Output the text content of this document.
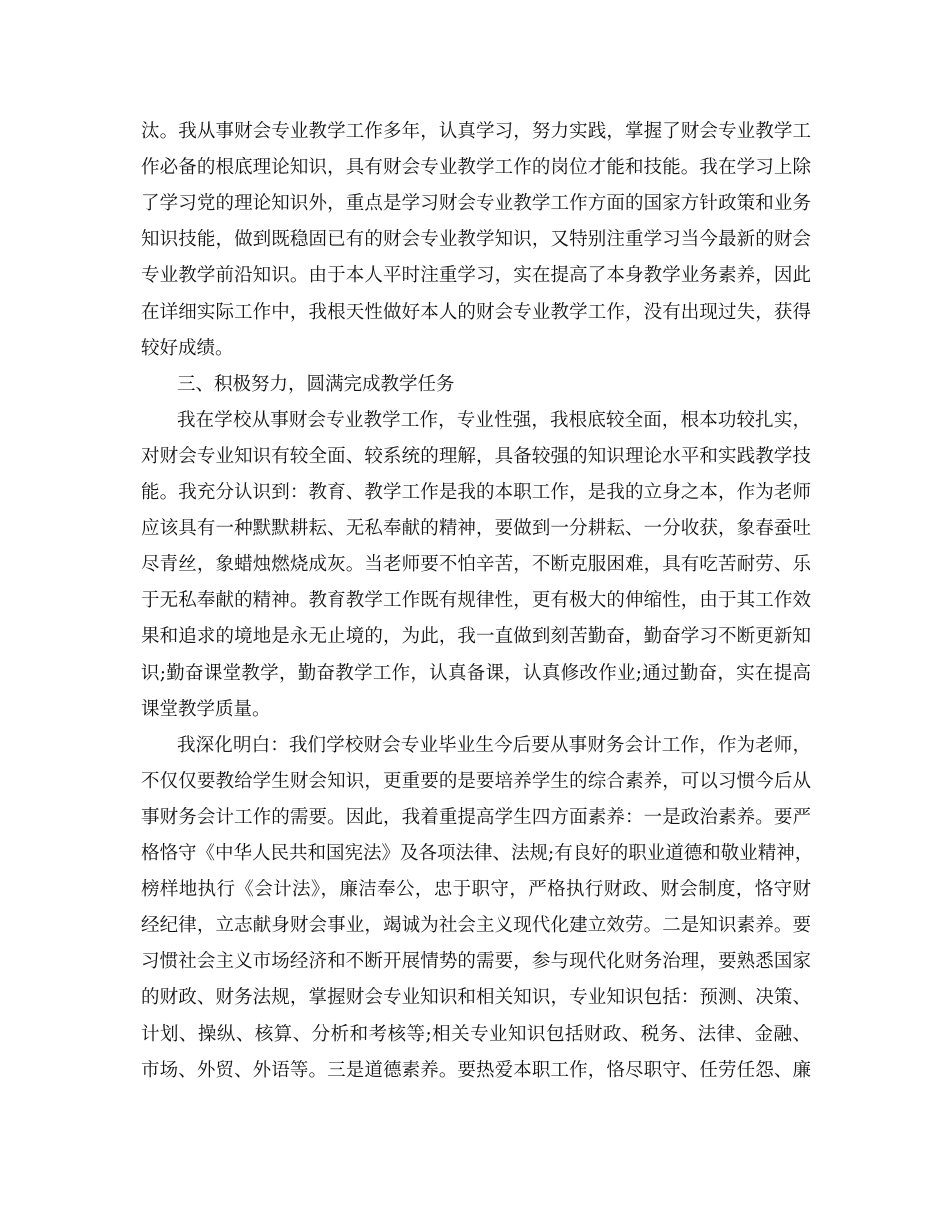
汰。我从事财会专业教学工作多年，认真学习，努力实践，掌握了财会专业教学工
作必备的根底理论知识，具有财会专业教学工作的岗位才能和技能。我在学习上除
了学习党的理论知识外，重点是学习财会专业教学工作方面的国家方针政策和业务
知识技能，做到既稳固已有的财会专业教学知识，又特别注重学习当今最新的财会
专业教学前沿知识。由于本人平时注重学习，实在提高了本身教学业务素养，因此
在详细实际工作中，我根天性做好本人的财会专业教学工作，没有出现过失，获得
较好成绩。
三、积极努力，圆满完成教学任务
我在学校从事财会专业教学工作，专业性强，我根底较全面，根本功较扎实，
对财会专业知识有较全面、较系统的理解，具备较强的知识理论水平和实践教学技
能。我充分认识到：教育、教学工作是我的本职工作，是我的立身之本，作为老师
应该具有一种默默耕耘、无私奉献的精神，要做到一分耕耘、一分收获，象春蚕吐
尽青丝，象蜡烛燃烧成灰。当老师要不怕辛苦，不断克服困难，具有吃苦耐劳、乐
于无私奉献的精神。教育教学工作既有规律性，更有极大的伸缩性，由于其工作效
果和追求的境地是永无止境的，为此，我一直做到刻苦勤奋，勤奋学习不断更新知
识;勤奋课堂教学，勤奋教学工作，认真备课，认真修改作业;通过勤奋，实在提高
课堂教学质量。
我深化明白：我们学校财会专业毕业生今后要从事财务会计工作，作为老师，
不仅仅要教给学生财会知识，更重要的是要培养学生的综合素养，可以习惯今后从
事财务会计工作的需要。因此，我着重提高学生四方面素养：一是政治素养。要严
格恪守《中华人民共和国宪法》及各项法律、法规;有良好的职业道德和敬业精神，
榜样地执行《会计法》，廉洁奉公，忠于职守，严格执行财政、财会制度，恪守财
经纪律，立志献身财会事业，竭诚为社会主义现代化建立效劳。二是知识素养。要
习惯社会主义市场经济和不断开展情势的需要，参与现代化财务治理，要熟悉国家
的财政、财务法规，掌握财会专业知识和相关知识，专业知识包括：预测、决策、
计划、操纵、核算、分析和考核等;相关专业知识包括财政、税务、法律、金融、
市场、外贸、外语等。三是道德素养。要热爱本职工作，恪尽职守、任劳任怨、廉
